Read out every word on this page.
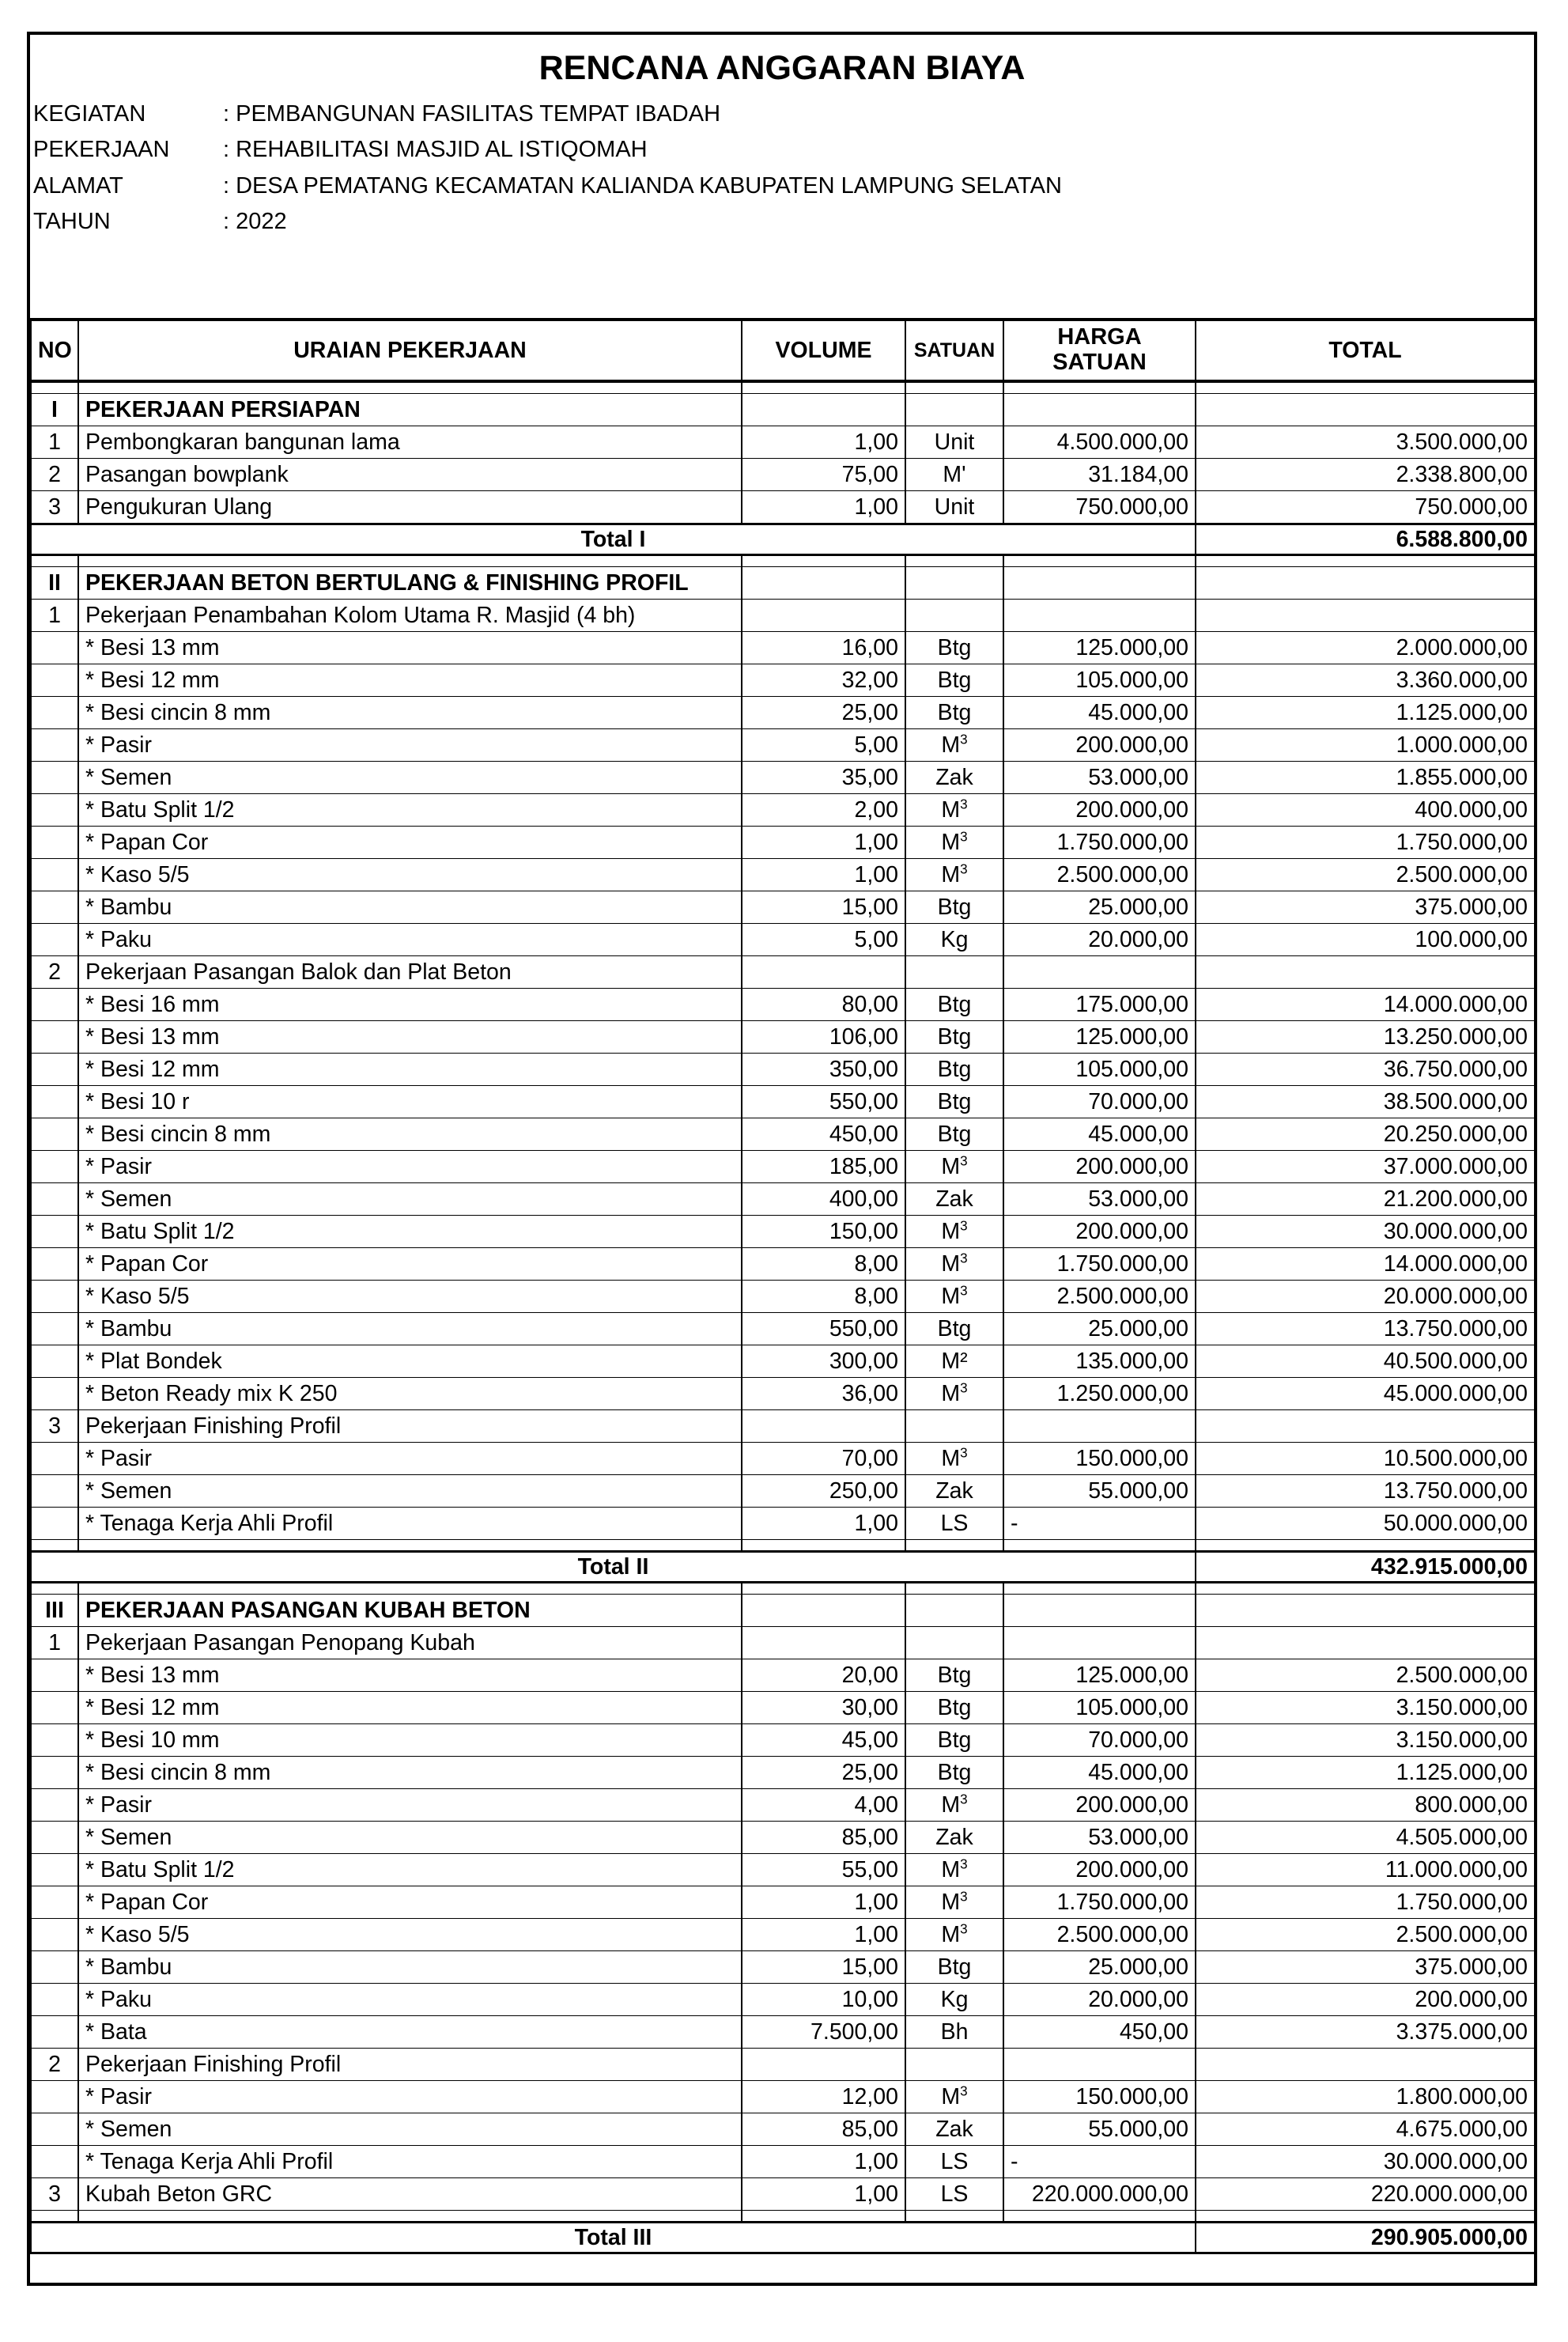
RENCANA ANGGARAN BIAYA
KEGIATAN	: PEMBANGUNAN FASILITAS TEMPAT IBADAH
PEKERJAAN : REHABILITASI MASJID AL ISTIQOMAH
ALAMAT	: DESA PEMATANG KECAMATAN KALIANDA KABUPATEN LAMPUNG SELATAN
TAHUN	: 2022
NO	URAIAN PEKERJAAN	VOLUME	SATUAN	HARGA
SATUAN	TOTAL

I	PEKERJAAN PERSIAPAN				
1	Pembongkaran bangunan lama	1,00	Unit	4.500.000,00	3.500.000,00
2	Pasangan bowplank	75,00	M'	31.184,00	2.338.800,00
3	Pengukuran Ulang	1,00	Unit	750.000,00	750.000,00
Total I					6.588.800,00

II	PEKERJAAN BETON BERTULANG & FINISHING PROFIL				
1	Pekerjaan Penambahan Kolom Utama R. Masjid (4 bh)				
	* Besi 13 mm	16,00	Btg	125.000,00	2.000.000,00
	* Besi 12 mm	32,00	Btg	105.000,00	3.360.000,00
	* Besi cincin 8 mm	25,00	Btg	45.000,00	1.125.000,00
	* Pasir	5,00	$M^3$	200.000,00	1.000.000,00
	* Semen	35,00	Zak	53.000,00	1.855.000,00
	* Batu Split 1/2	2,00	$M^3$	200.000,00	400.000,00
	* Papan Cor	1,00	$M^3$	1.750.000,00	1.750.000,00
	* Kaso 5/5	1,00	$M^3$	2.500.000,00	2.500.000,00
	* Bambu	15,00	Btg	25.000,00	375.000,00
	* Paku	5,00	Kg	20.000,00	100.000,00
2	Pekerjaan Pasangan Balok dan Plat Beton				
	* Besi 16 mm	80,00	Btg	175.000,00	14.000.000,00
	* Besi 13 mm	106,00	Btg	125.000,00	13.250.000,00
	* Besi 12 mm	350,00	Btg	105.000,00	36.750.000,00
	* Besi 10 r	550,00	Btg	70.000,00	38.500.000,00
	* Besi cincin 8 mm	450,00	Btg	45.000,00	20.250.000,00
	* Pasir	185,00	$M^3$	200.000,00	37.000.000,00
	* Semen	400,00	Zak	53.000,00	21.200.000,00
	* Batu Split 1/2	150,00	$M^3$	200.000,00	30.000.000,00
	* Papan Cor	8,00	$M^3$	1.750.000,00	14.000.000,00
	* Kaso 5/5	8,00	$M^3$	2.500.000,00	20.000.000,00
	* Bambu	550,00	Btg	25.000,00	13.750.000,00
	* Plat Bondek	300,00	M²	135.000,00	40.500.000,00
	* Beton Ready mix K 250	36,00	$M^3$	1.250.000,00	45.000.000,00
3	Pekerjaan Finishing Profil				
	* Pasir	70,00	$M^3$	150.000,00	10.500.000,00
	* Semen	250,00	Zak	55.000,00	13.750.000,00
	* Tenaga Kerja Ahli Profil	1,00	LS	-	50.000.000,00

Total II					432.915.000,00

III	PEKERJAAN PASANGAN KUBAH BETON				
1	Pekerjaan Pasangan Penopang Kubah				
	* Besi 13 mm	20,00	Btg	125.000,00	2.500.000,00
	* Besi 12 mm	30,00	Btg	105.000,00	3.150.000,00
	* Besi 10 mm	45,00	Btg	70.000,00	3.150.000,00
	* Besi cincin 8 mm	25,00	Btg	45.000,00	1.125.000,00
	* Pasir	4,00	$M^3$	200.000,00	800.000,00
	* Semen	85,00	Zak	53.000,00	4.505.000,00
	* Batu Split 1/2	55,00	$M^3$	200.000,00	11.000.000,00
	* Papan Cor	1,00	$M^3$	1.750.000,00	1.750.000,00
	* Kaso 5/5	1,00	$M^3$	2.500.000,00	2.500.000,00
	* Bambu	15,00	Btg	25.000,00	375.000,00
	* Paku	10,00	Kg	20.000,00	200.000,00
	* Bata	7.500,00	Bh	450,00	3.375.000,00
2	Pekerjaan Finishing Profil				
	* Pasir	12,00	$M^3$	150.000,00	1.800.000,00
	* Semen	85,00	Zak	55.000,00	4.675.000,00
	* Tenaga Kerja Ahli Profil	1,00	LS	-	30.000.000,00
3	Kubah Beton GRC	1,00	LS	220.000.000,00	220.000.000,00

Total III					290.905.000,00
